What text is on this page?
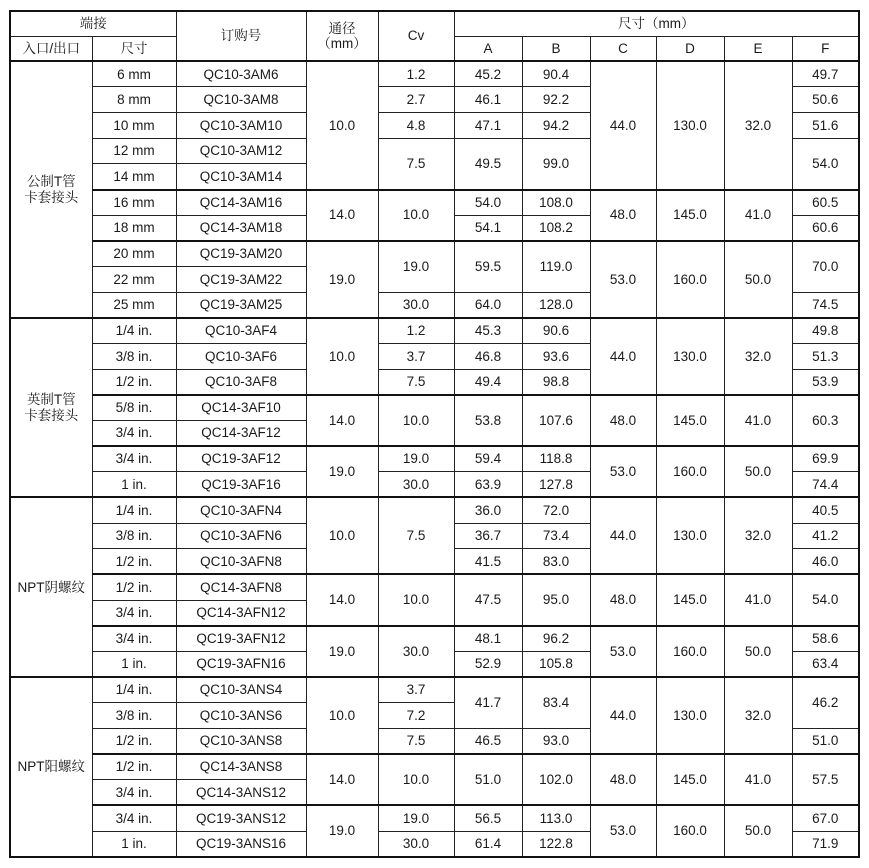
端接		订购号	通径
（mm）	Cv	尺寸（mm）					
入口/出口	尺寸				A	B	C	D	E	F

公制T管
卡套接头	6 mm	QC10-3AM6	10.0	1.2	45.2	90.4	44.0	130.0	32.0	49.7
	8 mm	QC10-3AM8		2.7	46.1	92.2				50.6
	10 mm	QC10-3AM10		4.8	47.1	94.2				51.6
	12 mm	QC10-3AM12		7.5	49.5	99.0				54.0
	14 mm	QC10-3AM14								
	16 mm	QC14-3AM16	14.0	10.0	54.0	108.0	48.0	145.0	41.0	60.5
	18 mm	QC14-3AM18			54.1	108.2				60.6
	20 mm	QC19-3AM20	19.0	19.0	59.5	119.0	53.0	160.0	50.0	70.0
	22 mm	QC19-3AM22								
	25 mm	QC19-3AM25		30.0	64.0	128.0				74.5

英制T管
卡套接头	1/4 in.	QC10-3AF4	10.0	1.2	45.3	90.6	44.0	130.0	32.0	49.8
	3/8 in.	QC10-3AF6		3.7	46.8	93.6				51.3
	1/2 in.	QC10-3AF8		7.5	49.4	98.8				53.9
	5/8 in.	QC14-3AF10	14.0	10.0	53.8	107.6	48.0	145.0	41.0	60.3
	3/4 in.	QC14-3AF12								
	3/4 in.	QC19-3AF12	19.0	19.0	59.4	118.8	53.0	160.0	50.0	69.9
	1 in.	QC19-3AF16		30.0	63.9	127.8				74.4
NPT阴螺纹	1/4 in.	QC10-3AFN4	10.0	7.5	36.0	72.0	44.0	130.0	32.0	40.5
	3/8 in.	QC10-3AFN6			36.7	73.4				41.2
	1/2 in.	QC10-3AFN8			41.5	83.0				46.0
	1/2 in.	QC14-3AFN8	14.0	10.0	47.5	95.0	48.0	145.0	41.0	54.0
	3/4 in.	QC14-3AFN12								
	3/4 in.	QC19-3AFN12	19.0	30.0	48.1	96.2	53.0	160.0	50.0	58.6
	1 in.	QC19-3AFN16			52.9	105.8				63.4
NPT阳螺纹	1/4 in.	QC10-3ANS4	10.0	3.7	41.7	83.4	44.0	130.0	32.0	46.2
	3/8 in.	QC10-3ANS6		7.2						
	1/2 in.	QC10-3ANS8		7.5	46.5	93.0				51.0
	1/2 in.	QC14-3ANS8	14.0	10.0	51.0	102.0	48.0	145.0	41.0	57.5
	3/4 in.	QC14-3ANS12								
	3/4 in.	QC19-3ANS12	19.0	19.0	56.5	113.0	53.0	160.0	50.0	67.0
	1 in.	QC19-3ANS16		30.0	61.4	122.8				71.9
